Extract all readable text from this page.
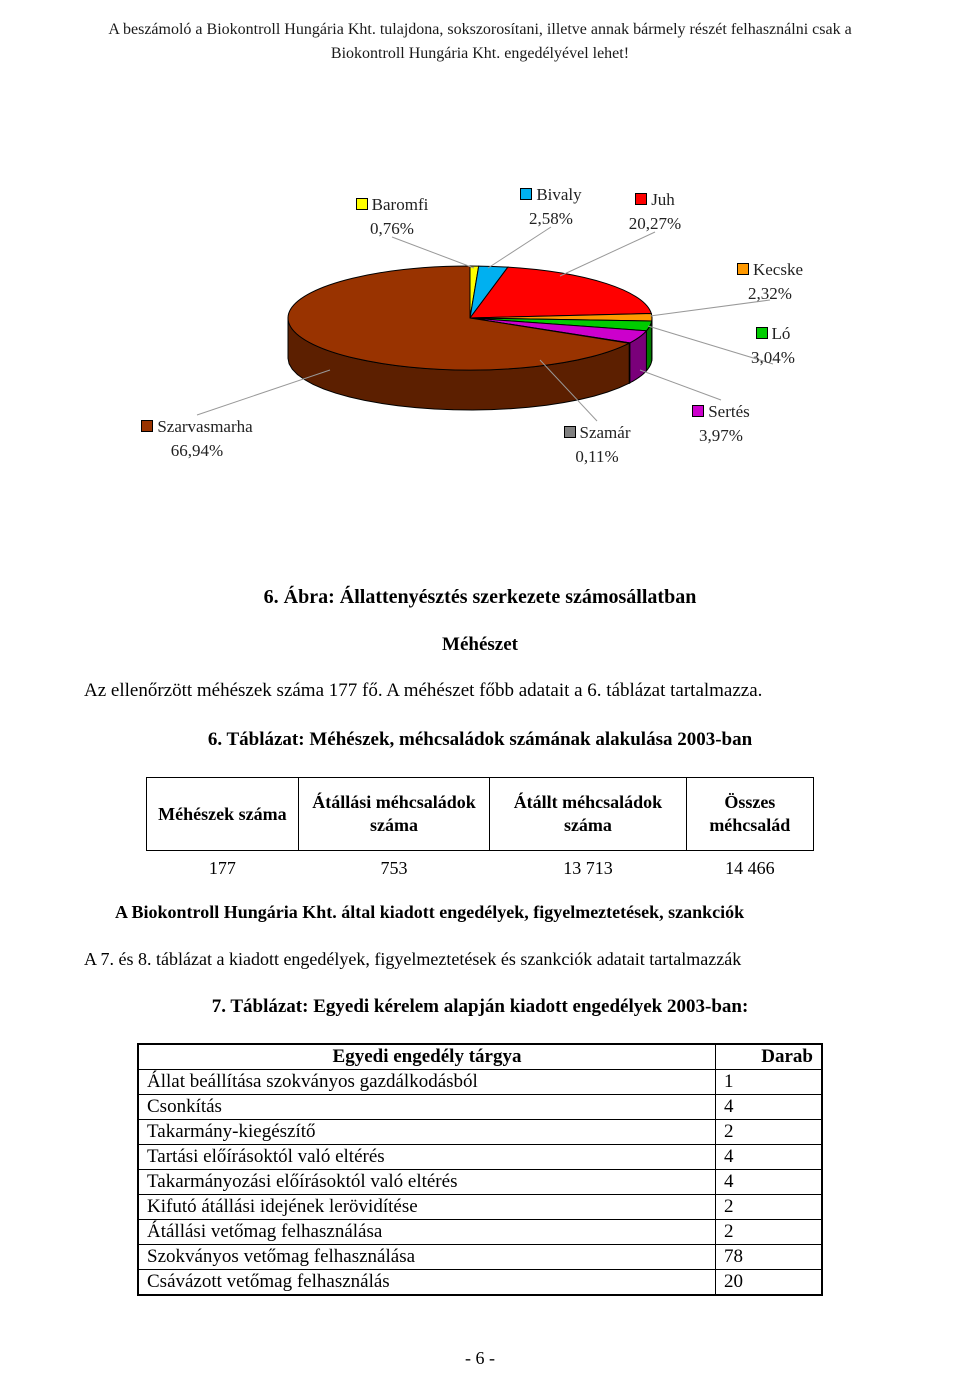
A beszámoló a Biokontroll Hungária Kht. tulajdona, sokszorosítani, illetve annak bármely részét felhasználni csak a
Biokontroll Hungária Kht. engedélyével lehet!
Baromfi
0,76%
Bivaly
2,58%
Juh
20,27%
Kecske
2,32%
Ló
3,04%
Sertés
3,97%
Szamár
0,11%
Szarvasmarha
66,94%
6. Ábra: Állattenyésztés szerkezete számosállatban
Méhészet
Az ellenőrzött méhészek száma 177 fő. A méhészet főbb adatait a 6. táblázat tartalmazza.
6. Táblázat: Méhészek, méhcsaládok számának alakulása 2003-ban
Méhészek száma	Átállási méhcsaládok száma	Átállt méhcsaládok száma	Összes méhcsalád
177	753	13 713	14 466
A Biokontroll Hungária Kht. által kiadott engedélyek, figyelmeztetések, szankciók
A 7. és 8. táblázat a kiadott engedélyek, figyelmeztetések és szankciók adatait tartalmazzák
7. Táblázat: Egyedi kérelem alapján kiadott engedélyek 2003-ban:
Egyedi engedély tárgya	Darab
Állat beállítása szokványos gazdálkodásból	1
Csonkítás	4
Takarmány-kiegészítő	2
Tartási előírásoktól való eltérés	4
Takarmányozási előírásoktól való eltérés	4
Kifutó átállási idejének lerövidítése	2
Átállási vetőmag felhasználása	2
Szokványos vetőmag felhasználása	78
Csávázott vetőmag felhasználás	20
- 6 -
